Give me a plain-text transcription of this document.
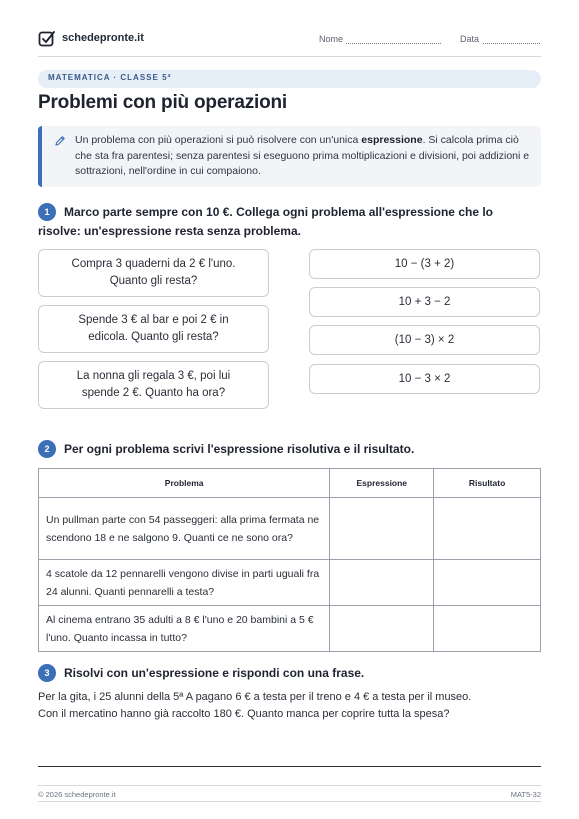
schedepronte.it	Nome	Data
MATEMATICA · CLASSE 5ª
Problemi con più operazioni
Un problema con più operazioni si può risolvere con un'unica espressione. Si calcola prima ciò che sta fra parentesi; senza parentesi si eseguono prima moltiplicazioni e divisioni, poi addizioni e sottrazioni, nell'ordine in cui compaiono.
1	Marco parte sempre con 10 €. Collega ogni problema all'espressione che lo
risolve: un'espressione resta senza problema.
Compra 3 quaderni da 2 € l'uno. Quanto gli resta?
Spende 3 € al bar e poi 2 € in edicola. Quanto gli resta?
La nonna gli regala 3 €, poi lui spende 2 €. Quanto ha ora?
10 − (3 + 2)
10 + 3 − 2
(10 − 3) × 2
10 − 3 × 2
2	Per ogni problema scrivi l'espressione risolutiva e il risultato.
Problema	Espressione	Risultato
Un pullman parte con 54 passeggeri: alla prima fermata ne scendono 18 e ne salgono 9. Quanti ce ne sono ora?		
4 scatole da 12 pennarelli vengono divise in parti uguali fra 24 alunni. Quanti pennarelli a testa?		
Al cinema entrano 35 adulti a 8 € l'uno e 20 bambini a 5 € l'uno. Quanto incassa in tutto?		
3	Risolvi con un'espressione e rispondi con una frase.
Per la gita, i 25 alunni della 5ª A pagano 6 € a testa per il treno e 4 € a testa per il museo.
Con il mercatino hanno già raccolto 180 €. Quanto manca per coprire tutta la spesa?
© 2026 schedepronte.it	MAT5-32
